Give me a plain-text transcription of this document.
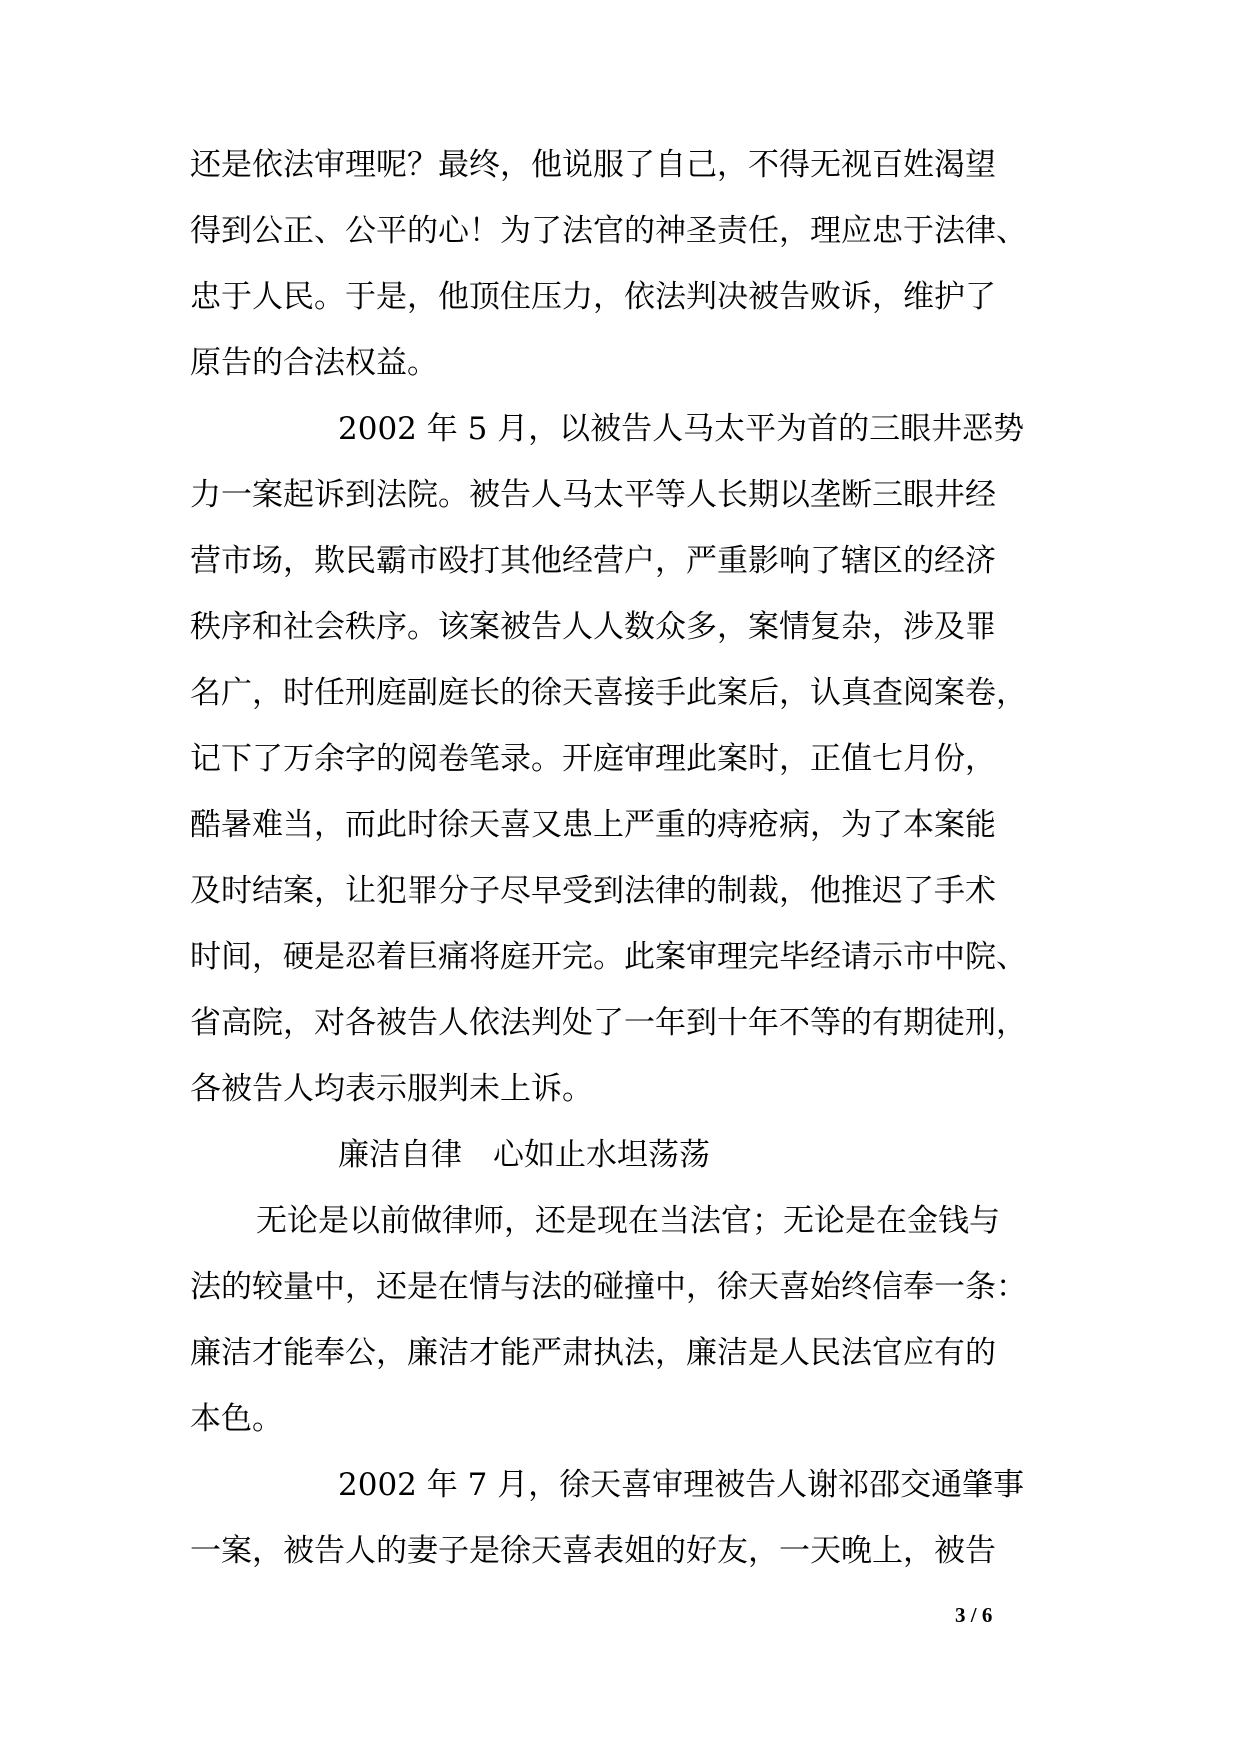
还是依法审理呢？最终，他说服了自己，不得无视百姓渴望

得到公正、公平的心！为了法官的神圣责任，理应忠于法律、

忠于人民。于是，他顶住压力，依法判决被告败诉，维护了

原告的合法权益。

2002 年 5 月，以被告人马太平为首的三眼井恶势

力一案起诉到法院。被告人马太平等人长期以垄断三眼井经

营市场，欺民霸市殴打其他经营户，严重影响了辖区的经济

秩序和社会秩序。该案被告人人数众多，案情复杂，涉及罪

名广，时任刑庭副庭长的徐天喜接手此案后，认真查阅案卷，

记下了万余字的阅卷笔录。开庭审理此案时，正值七月份，

酷暑难当，而此时徐天喜又患上严重的痔疮病，为了本案能

及时结案，让犯罪分子尽早受到法律的制裁，他推迟了手术

时间，硬是忍着巨痛将庭开完。此案审理完毕经请示市中院、

省高院，对各被告人依法判处了一年到十年不等的有期徒刑，

各被告人均表示服判未上诉。

廉洁自律　心如止水坦荡荡

无论是以前做律师，还是现在当法官；无论是在金钱与

法的较量中，还是在情与法的碰撞中，徐天喜始终信奉一条：

廉洁才能奉公，廉洁才能严肃执法，廉洁是人民法官应有的

本色。

2002 年 7 月，徐天喜审理被告人谢祁邵交通肇事

一案，被告人的妻子是徐天喜表姐的好友，一天晚上，被告

3 / 6
